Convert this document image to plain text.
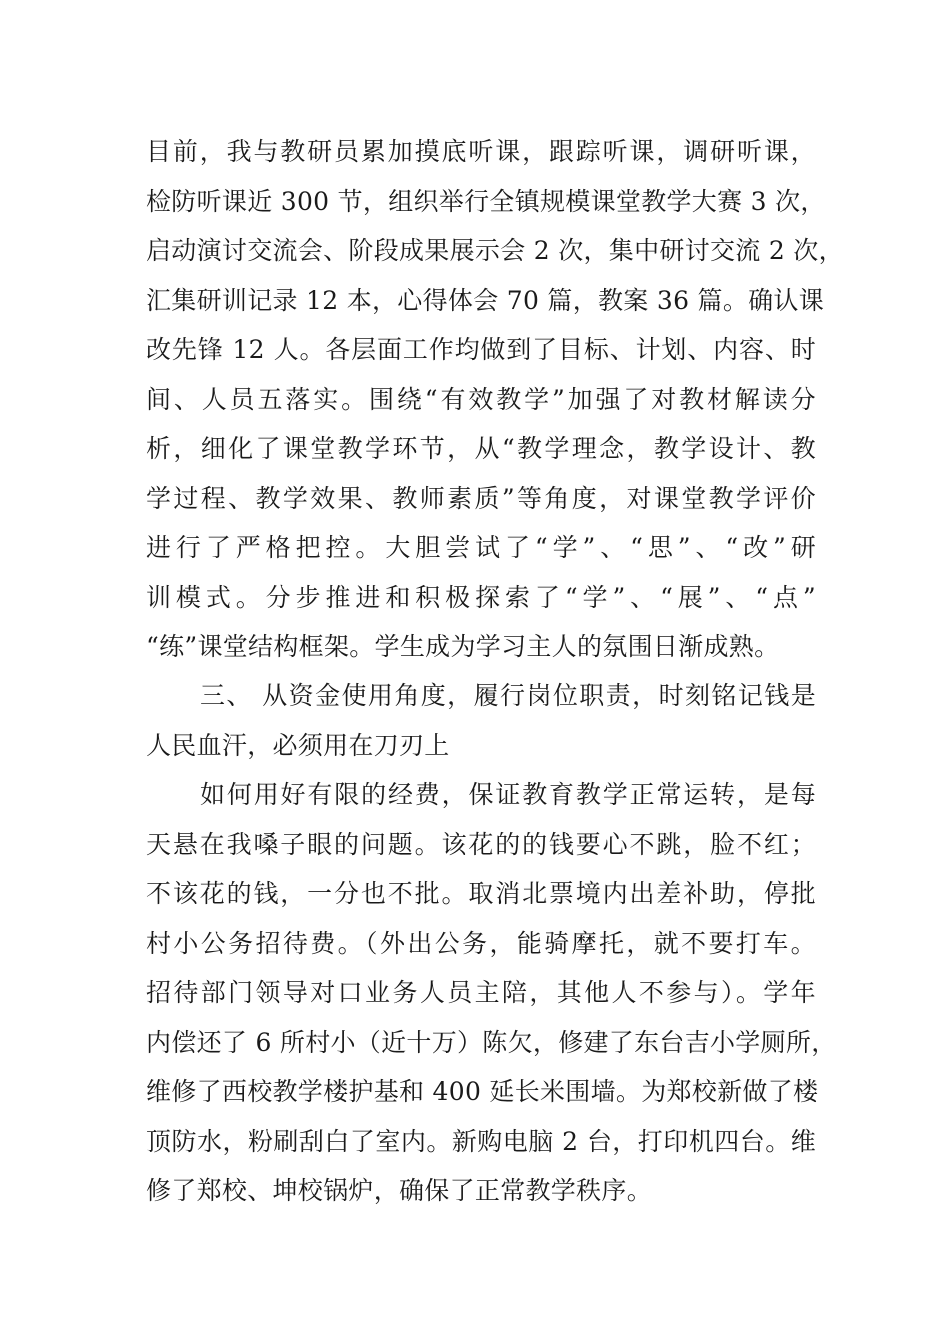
目前，我与教研员累加摸底听课，跟踪听课，调研听课，
检防听课近 300 节，组织举行全镇规模课堂教学大赛 3 次，
启动演讨交流会、阶段成果展示会 2 次，集中研讨交流 2 次，
汇集研训记录 12 本，心得体会 70 篇，教案 36 篇。确认课
改先锋 12 人。各层面工作均做到了目标、计划、内容、时
间、人员五落实。围绕“有效教学”加强了对教材解读分
析，细化了课堂教学环节，从“教学理念，教学设计、教
学过程、教学效果、教师素质”等角度，对课堂教学评价
进行了严格把控。大胆尝试了“学”、“思”、“改”研
训模式。分步推进和积极探索了“学”、“展”、“点”
“练”课堂结构框架。学生成为学习主人的氛围日渐成熟。
三、 从资金使用角度，履行岗位职责，时刻铭记钱是
人民血汗，必须用在刀刃上
如何用好有限的经费，保证教育教学正常运转，是每
天悬在我嗓子眼的问题。该花的的钱要心不跳，脸不红；
不该花的钱，一分也不批。取消北票境内出差补助，停批
村小公务招待费。（外出公务，能骑摩托，就不要打车。
招待部门领导对口业务人员主陪，其他人不参与）。学年
内偿还了 6 所村小（近十万）陈欠，修建了东台吉小学厕所，
维修了西校教学楼护基和 400 延长米围墙。为郑校新做了楼
顶防水，粉刷刮白了室内。新购电脑 2 台，打印机四台。维
修了郑校、坤校锅炉，确保了正常教学秩序。
